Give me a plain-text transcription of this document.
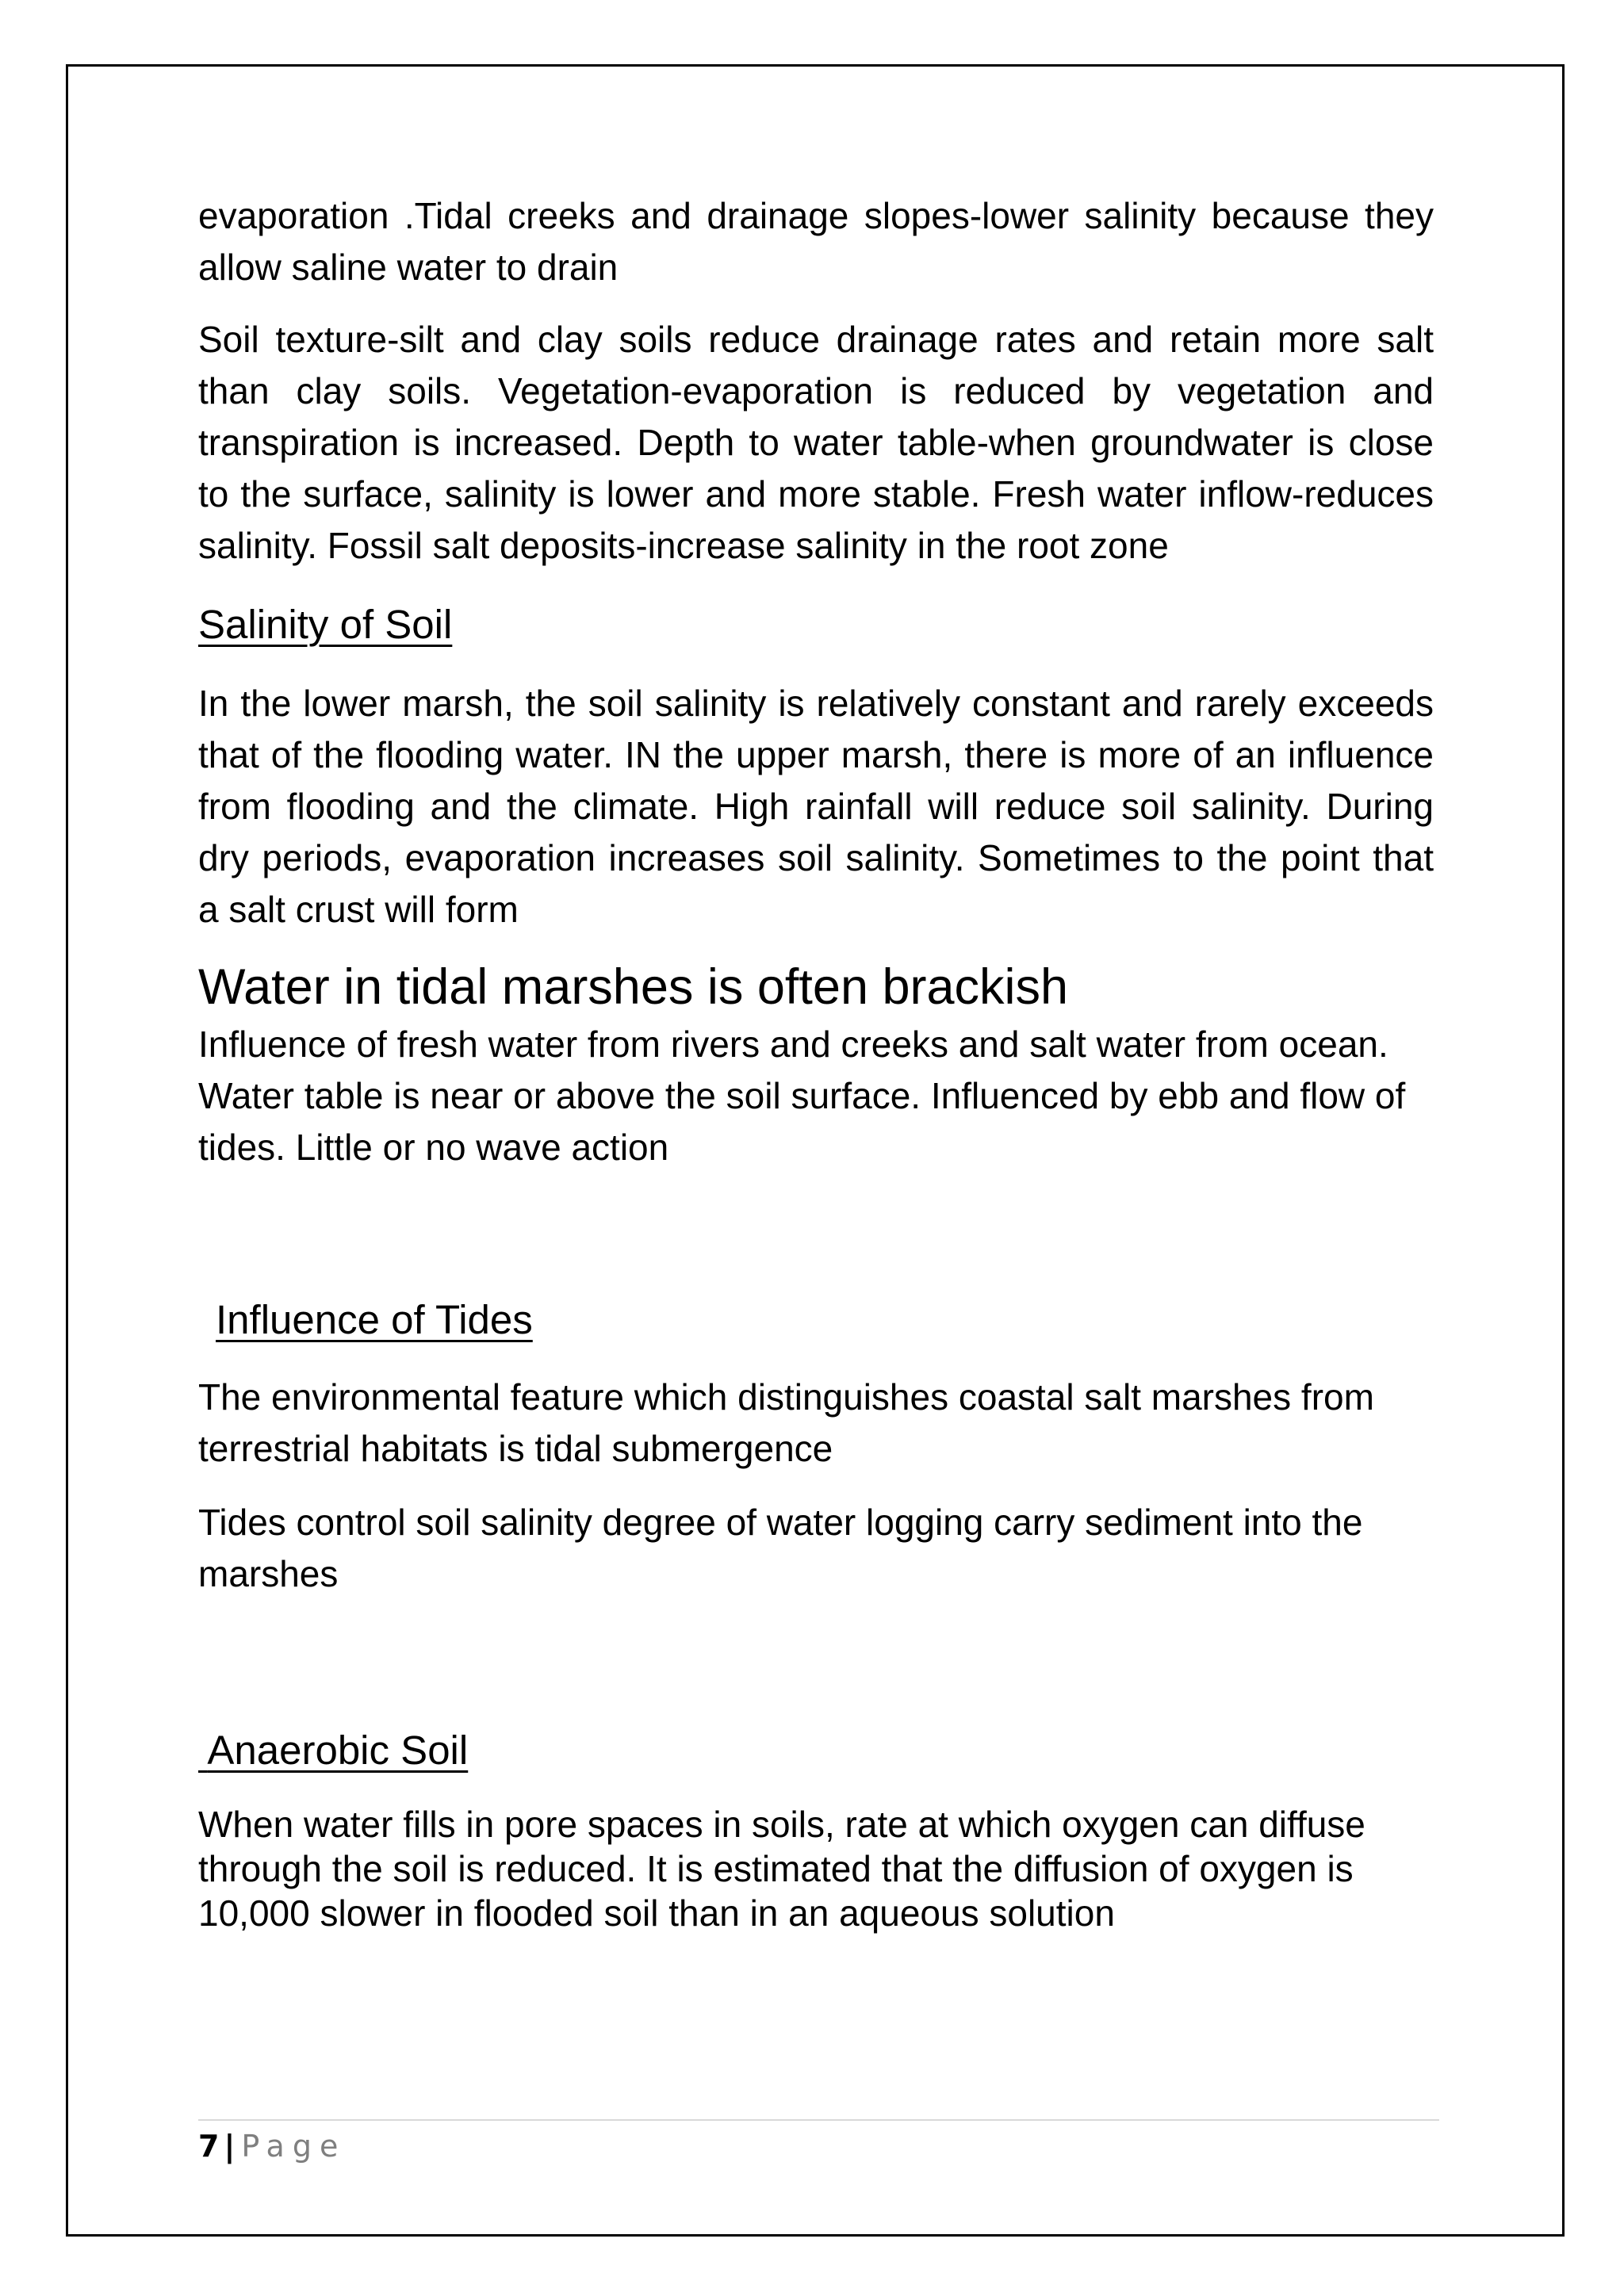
evaporation .Tidal creeks and drainage slopes-lower salinity because they allow saline water to drain

Soil texture-silt and clay soils reduce drainage rates and retain more salt than clay soils. Vegetation-evaporation is reduced by vegetation and transpiration is increased. Depth to water table-when groundwater is close to the surface, salinity is lower and more stable. Fresh water inflow-reduces salinity. Fossil salt deposits-increase salinity in the root zone

Salinity of Soil

In the lower marsh, the soil salinity is relatively constant and rarely exceeds that of the flooding water. IN the upper marsh, there is more of an influence from flooding and the climate. High rainfall will reduce soil salinity. During dry periods, evaporation increases soil salinity. Sometimes to the point that a salt crust will form

Water in tidal marshes is often brackish

Influence of fresh water from rivers and creeks and salt water from ocean. Water table is near or above the soil surface. Influenced by ebb and flow of tides. Little or no wave action

Influence of Tides

The environmental feature which distinguishes coastal salt marshes from terrestrial habitats is tidal submergence

Tides control soil salinity degree of water logging carry sediment into the marshes

Anaerobic Soil

When water fills in pore spaces in soils, rate at which oxygen can diffuse through the soil is reduced. It is estimated that the diffusion of oxygen is 10,000 slower in flooded soil than in an aqueous solution

7 | Page
